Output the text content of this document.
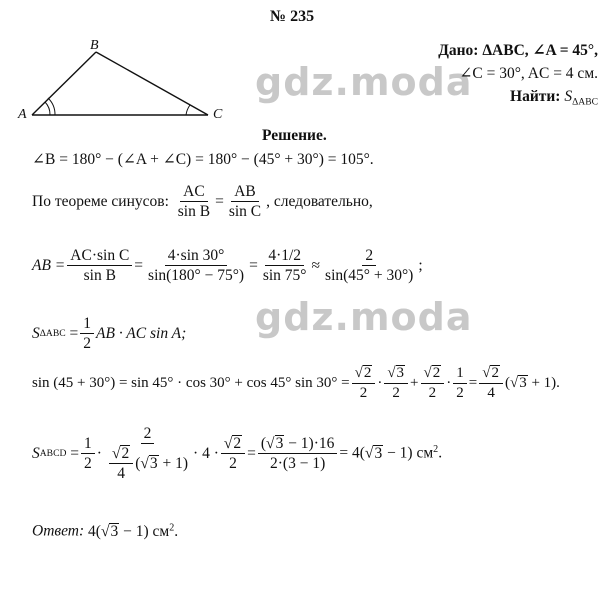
№ 235
A
B
C
gdz.moda
gdz.moda
Дано: ΔABC, ∠A = 45°,
∠C = 30°, AC = 4 см.
Найти: $S_{\Delta ABC}$
Решение.
∠B = 180° − (∠A + ∠C) = 180° − (45° + 30°) = 105°.
По теореме синусов:
$\frac{AC}{\text{sin B}} = \frac{AB}{\text{sin C}}$ , следовательно,
AB = $\frac{\text{AC·sin C}}{\text{sin B}} = \frac{4\cdot\sin 30^\circ}{\sin(180^\circ - 75^\circ)} = \frac{4\cdot 1/2}{\sin 75^\circ} \approx \frac{2}{\sin(45^\circ + 30^\circ)}$ ;
S ΔABC
= $\frac{1}{2}$ AB · AC sin A;
sin (45 + 30°) = sin 45° · cos 30° + cos 45° $\sin 30^\circ = \frac{√2}{2} \cdot \frac{√3}{2} + \frac{√2}{2} \cdot \frac{1}{2} = \frac{√2}{4} (√3 + 1)$.
S ABCD
= $\frac{1}{2} \cdot \frac{2}{\frac{√2}{4} (√3 + 1)} \cdot 4 \cdot \frac{√2}{2} = \frac{(√3 - 1)\cdot 16}{2\cdot(3 - 1)} = 4(√3 - 1)$ $см^2$.
Ответ: 4(√3 − 1) $см^2$.
